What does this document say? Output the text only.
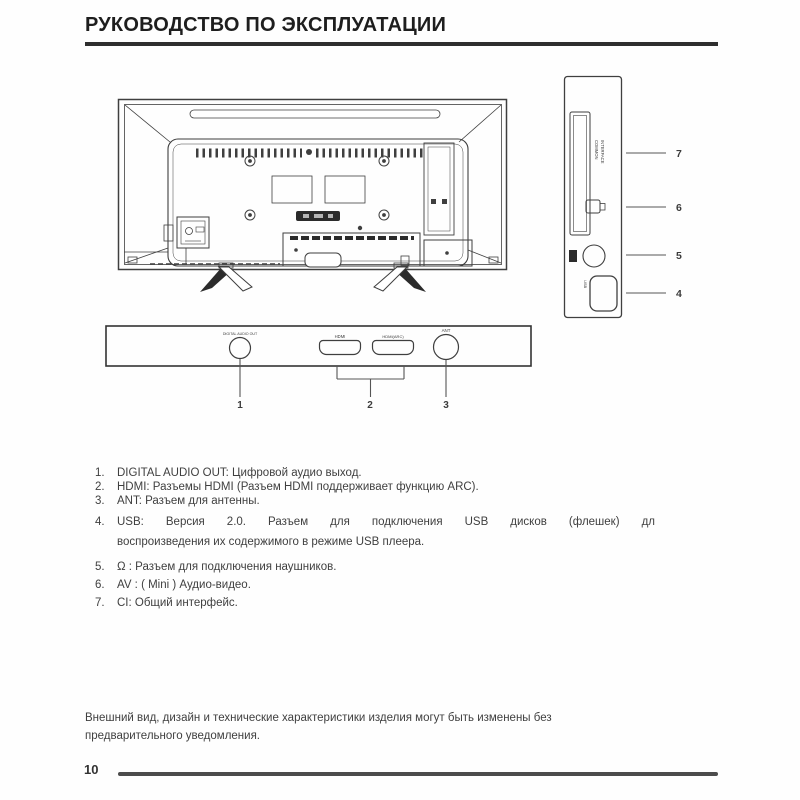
РУКОВОДСТВО ПО ЭКСПЛУАТАЦИИ
COMMON INTERFACE
USB
7
6
5
4
DIGITAL AUDIO OUT	HDMI	HDMI(ARC)
ANT
1	2	3
1.	DIGITAL AUDIO OUT: Цифровой аудио выход.
2.	HDMI: Разъемы HDMI (Разъем HDMI поддерживает функцию ARC).
3.	ANT: Разъем для антенны.
4.	USB: Версия 2.0. Разъем для подключения USB дисков (флешек) дл
воспроизведения их содержимого в режиме USB плеера.
5.	Ω : Разъем для подключения наушников.
6.	AV : ( Mini ) Аудио-видео.
7.	CI: Общий интерфейс.
Внешний вид, дизайн и технические характеристики изделия могут быть изменены без
предварительного уведомления.
10
